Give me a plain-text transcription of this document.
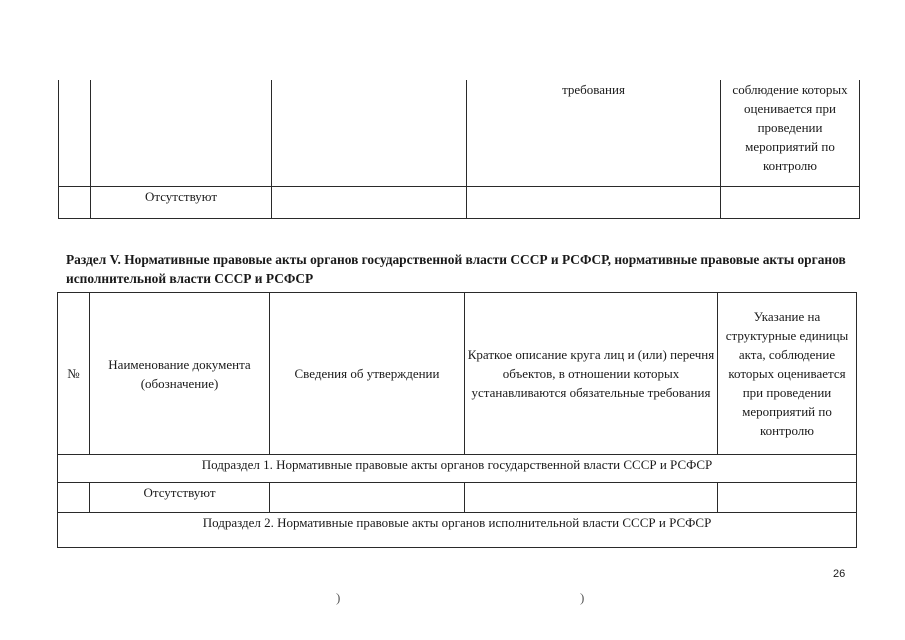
			требования	соблюдение которых оценивается при проведении мероприятий по контролю
	Отсутствуют			

Раздел V. Нормативные правовые акты органов государственной власти СССР и РСФСР, нормативные правовые акты органов исполнительной власти СССР и РСФСР

№	Наименование документа (обозначение)	Сведения об утверждении	Краткое описание круга лиц и (или) перечня объектов, в отношении которых устанавливаются обязательные требования	Указание на структурные единицы акта, соблюдение которых оценивается при проведении мероприятий по контролю
Подраздел 1. Нормативные правовые акты органов государственной власти СССР и РСФСР				
	Отсутствуют			
Подраздел 2. Нормативные правовые акты органов исполнительной власти СССР и РСФСР				
26
)	)
